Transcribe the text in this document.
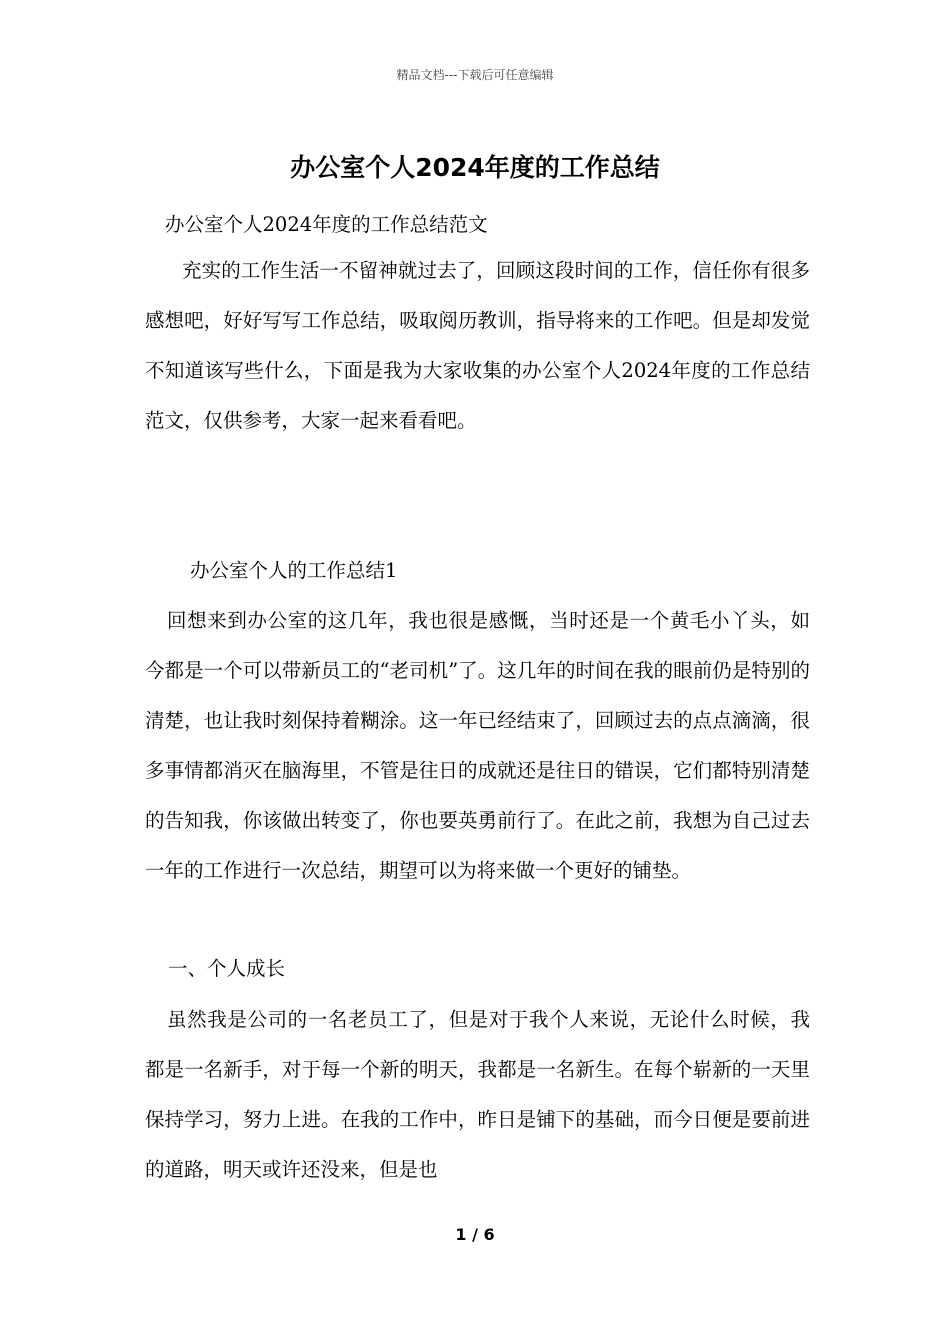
精品文档---下载后可任意编辑
办公室个人2024年度的工作总结
办公室个人2024年度的工作总结范文
充实的工作生活一不留神就过去了，回顾这段时间的工作，信任你有很多感想吧，好好写写工作总结，吸取阅历教训，指导将来的工作吧。但是却发觉不知道该写些什么，下面是我为大家收集的办公室个人2024年度的工作总结范文，仅供参考，大家一起来看看吧。
办公室个人的工作总结1
回想来到办公室的这几年，我也很是感慨，当时还是一个黄毛小丫头，如今都是一个可以带新员工的“老司机”了。这几年的时间在我的眼前仍是特别的清楚，也让我时刻保持着糊涂。这一年已经结束了，回顾过去的点点滴滴，很多事情都消灭在脑海里，不管是往日的成就还是往日的错误，它们都特别清楚的告知我，你该做出转变了，你也要英勇前行了。在此之前，我想为自己过去一年的工作进行一次总结，期望可以为将来做一个更好的铺垫。
一、个人成长
虽然我是公司的一名老员工了，但是对于我个人来说，无论什么时候，我都是一名新手，对于每一个新的明天，我都是一名新生。在每个崭新的一天里保持学习，努力上进。在我的工作中，昨日是铺下的基础，而今日便是要前进的道路，明天或许还没来，但是也
1 / 6
